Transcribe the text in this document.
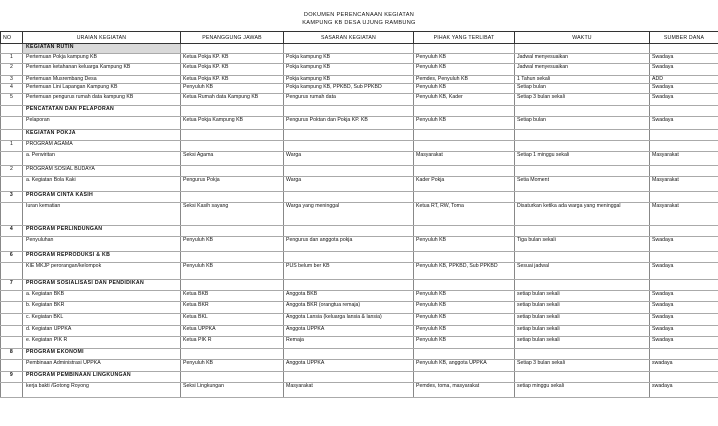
DOKUMEN PERENCANAAN KEGIATAN
KAMPUNG KB DESA UJUNG RAMBUNG
NO	URAIAN KEGIATAN	PENANGGUNG JAWAB	SASARAN KEGIATAN	PIHAK YANG TERLIBAT	WAKTU	SUMBER DANA
	KEGIATAN RUTIN					
1	Pertemuan Pokja kampung KB	Ketua Pokja KP. KB	Pokja kampung KB	Penyuluh KB	Jadwal menyesuaikan	Swadaya
2	Pertemuan ketahanan keluarga Kampung KB	Ketua Pokja KP. KB	Pokja kampung KB	Penyuluh KB	Jadwal menyesuaikan	Swadaya
3	Pertemuan Musrembang Desa	Ketua Pokja KP. KB	Pokja kampung KB	Pemdes, Penyuluh KB	1 Tahun sekali	ADD
4	Pertemuan Lini Lapangan Kampung KB	Penyuluh KB	Pokja kampung KB, PPKBD, Sub PPKBD	Penyuluh KB	Setiap bulan	Swadaya
5	Pertemuan pengurus rumah data kampung KB	Ketua Rumah data Kampung KB	Pengurus rumah data	Penyuluh KB, Kader	Setiap 3 bulan sekali	Swadaya
	PENCATATAN DAN PELAPORAN					
	Pelaporan	Ketua Pokja Kampung KB	Pengurus Poktan dan Pokja KP. KB	Penyuluh KB	Setiap bulan	Swadaya
	KEGIATAN POKJA					
1	PROGRAM AGAMA					
	a. Perwiritan	Seksi Agama	Warga	Masyarakat	Setiap 1 minggu sekali	Masyarakat
2	PROGRAM SOSIAL BUDAYA					
	a. Kegiatan Bola Kaki	Pengurus Pokja	Warga	Kader Pokja	Setia Moment	Masyarakat
3	PROGRAM CINTA KASIH					
	Iuran kematian	Seksi Kasih sayang	Warga yang meninggal	Ketua RT, RW, Toma	Disaturkan ketika ada warga yang meninggal	Masyarakat
4	PROGRAM PERLINDUNGAN					
	Penyuluhan	Penyuluh KB	Pengurus dan anggota pokja	Penyuluh KB	Tiga bulan sekali	Swadaya
6	PROGRAM REPRODUKSI & KB					
	KIE MKJP perorangan/kelompok	Penyuluh KB	PUS belum ber KB	Penyuluh KB, PPKBD, Sub PPKBD	Sesuai jadwal	Swadaya
7	PROGRAM SOSIALISASI DAN PENDIDIKAN					
	a. Kegiatan BKB	Ketua BKB	Anggota BKB	Penyuluh KB	setiap bulan sekali	Swadaya
	b. Kegiatan BKR	Ketua BKR	Anggota BKR (orangtua remaja)	Penyuluh KB	setiap bulan sekali	Swadaya
	c. Kegiatan BKL	Ketua BKL	Anggota Lansia (keluarga lansia & lansia)	Penyuluh KB	setiap bulan sekali	Swadaya
	d. Kegiatan UPPKA	Ketua UPPKA	Anggota UPPKA	Penyuluh KB	setiap bulan sekali	Swadaya
	e. Kegiatan PIK R	Ketua PIK R	Remaja	Penyuluh KB	setiap bulan sekali	Swadaya
8	PROGRAM EKONOMI					
	Pembinaan Administrasi UPPKA	Penyuluh KB	Anggota UPPKA	Penyuluh KB, anggota UPPKA	Setiap 3 bulan sekali	swadaya
9	PROGRAM PEMBINAAN LINGKUNGAN					
	kerja bakti /Gotong Royong	Seksi Lingkungan	Masyarakat	Pemdes, toma, masyarakat	setiap minggu sekali	swadaya
